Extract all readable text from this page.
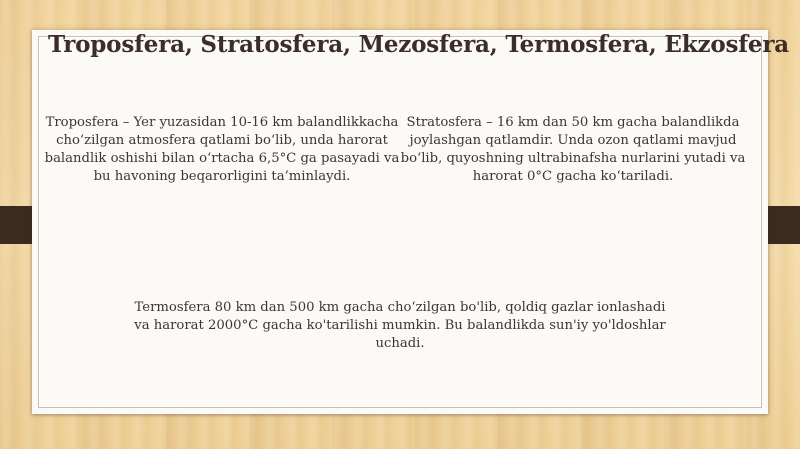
Troposfera, Stratosfera, Mezosfera, Termosfera, Ekzosfera
Troposfera – Yer yuzasidan 10-16 km balandlikkacha cho‘zilgan atmosfera qatlami bo‘lib, unda harorat balandlik oshishi bilan o‘rtacha 6,5°C ga pasayadi va bu havoning beqarorligini ta’minlaydi.
Stratosfera – 16 km dan 50 km gacha balandlikda joylashgan qatlamdir. Unda ozon qatlami mavjud bo‘lib, quyoshning ultrabinafsha nurlarini yutadi va harorat 0°C gacha ko‘tariladi.
Termosfera 80 km dan 500 km gacha cho‘zilgan bo'lib, qoldiq gazlar ionlashadi va harorat 2000°C gacha ko'tarilishi mumkin. Bu balandlikda sun'iy yo'ldoshlar uchadi.
